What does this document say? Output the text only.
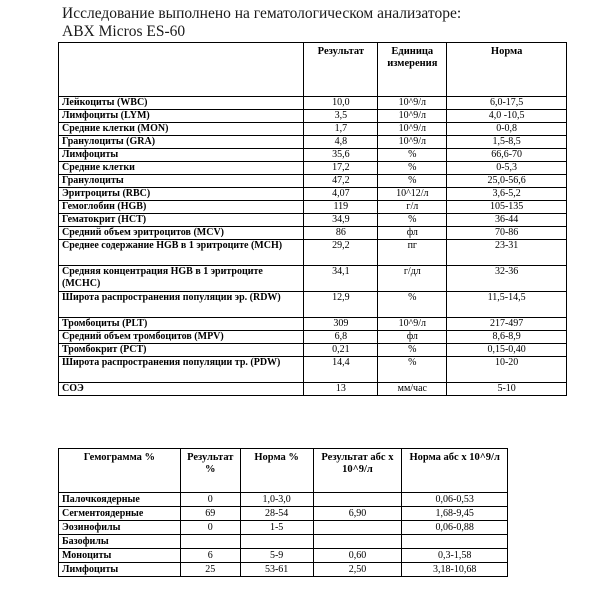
Исследование выполнено на гематологическом анализаторе:
ABX Micros ES-60
	Результат	Единица измерения	Норма
Лейкоциты (WBC)	10,0	10^9/л	6,0-17,5
Лимфоциты (LYM)	3,5	10^9/л	4,0 -10,5
Средние клетки (MON)	1,7	10^9/л	0-0,8
Гранулоциты (GRA)	4,8	10^9/л	1,5-8,5
Лимфоциты	35,6	%	66,6-70
Средние клетки	17,2	%	0-5,3
Гранулоциты	47,2	%	25,0-56,6
Эритроциты (RBC)	4,07	10^12/л	3,6-5,2
Гемоглобин (HGB)	119	г/л	105-135
Гематокрит (HCT)	34,9	%	36-44
Средний объем эритроцитов (MCV)	86	фл	70-86
Среднее содержание HGB в 1 эритроците (MCH)	29,2	пг	23-31
Средняя концентрация HGB в 1 эритроците (MCHC)	34,1	г/дл	32-36
Широта распространения популяции эр. (RDW)	12,9	%	11,5-14,5
Тромбоциты (PLT)	309	10^9/л	217-497
Средний объем тромбоцитов (MPV)	6,8	фл	8,6-8,9
Тромбокрит (PCT)	0,21	%	0,15-0,40
Широта распространения популяции тр. (PDW)	14,4	%	10-20
СОЭ	13	мм/час	5-10
Гемограмма %	Результат %	Норма %	Результат абс x 10^9/л	Норма абс x 10^9/л
Палочкоядерные	0	1,0-3,0		0,06-0,53
Сегментоядерные	69	28-54	6,90	1,68-9,45
Эозинофилы	0	1-5		0,06-0,88
Базофилы				
Моноциты	6	5-9	0,60	0,3-1,58
Лимфоциты	25	53-61	2,50	3,18-10,68
